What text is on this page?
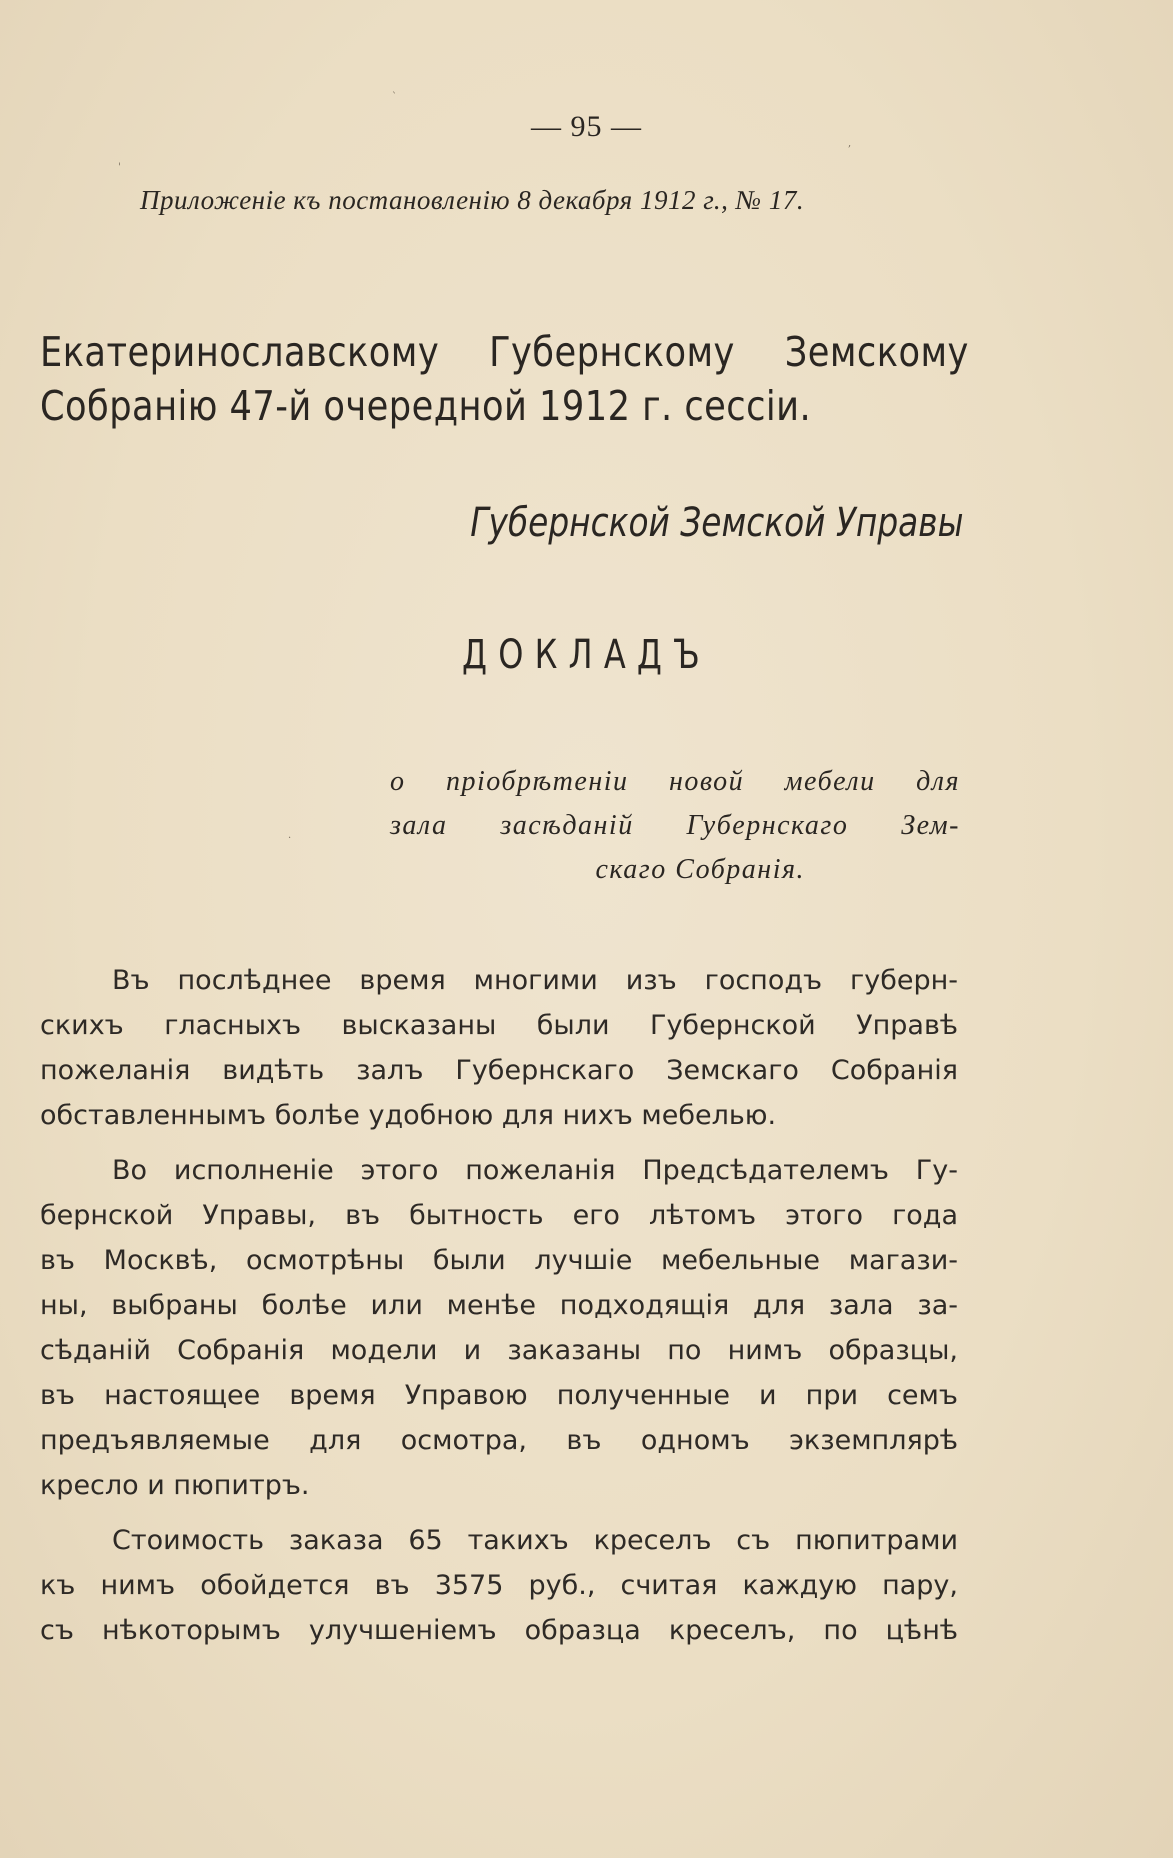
`
,
'
.
— 95 —
Приложенiе къ постановленiю 8 декабря 1912 г., № 17.
Екатеринославскому Губернскому Земскому
Собранiю 47-й очередной 1912 г. сессiи.
Губернской Земской Управы
ДОКЛАДЪ
о прiобрѣтенiи новой мебели для
зала засѣданiй Губернскаго Зем-
скаго Собранiя.
Въ послѣднее время многими изъ господъ губерн-
скихъ гласныхъ высказаны были Губернской Управѣ
пожеланiя видѣть залъ Губернскаго Земскаго Собранiя
обставленнымъ болѣе удобною для нихъ мебелью.
Во исполненiе этого пожеланiя Предсѣдателемъ Гу-
бернской Управы, въ бытность его лѣтомъ этого года
въ Москвѣ, осмотрѣны были лучшiе мебельные магази-
ны, выбраны болѣе или менѣе подходящiя для зала за-
сѣданiй Собранiя модели и заказаны по нимъ образцы,
въ настоящее время Управою полученные и при семъ
предъявляемые для осмотра, въ одномъ экземплярѣ
кресло и пюпитръ.
Стоимость заказа 65 такихъ креселъ съ пюпитрами
къ нимъ обойдется въ 3575 руб., считая каждую пару,
съ нѣкоторымъ улучшенiемъ образца креселъ, по цѣнѣ
